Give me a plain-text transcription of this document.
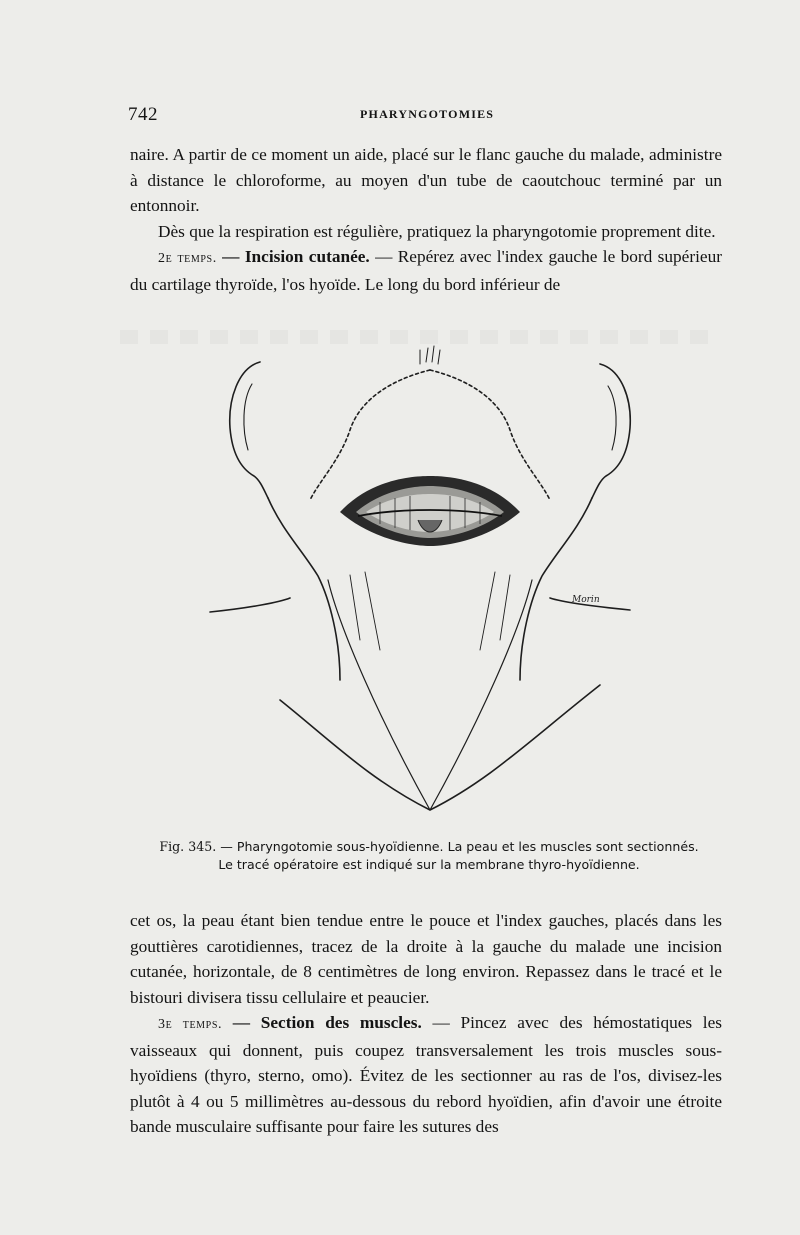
742	PHARYNGOTOMIES

naire. A partir de ce moment un aide, placé sur le flanc gauche du malade, administre à distance le chloroforme, au moyen d'un tube de caoutchouc terminé par un entonnoir.

Dès que la respiration est régulière, pratiquez la pharyngotomie proprement dite.

2e temps. — Incision cutanée. — Repérez avec l'index gauche le bord supérieur du cartilage thyroïde, l'os hyoïde. Le long du bord inférieur de

Morin
Fig. 345. — Pharyngotomie sous-hyoïdienne. La peau et les muscles sont sectionnés.
Le tracé opératoire est indiqué sur la membrane thyro-hyoïdienne.

cet os, la peau étant bien tendue entre le pouce et l'index gauches, placés dans les gouttières carotidiennes, tracez de la droite à la gauche du malade une incision cutanée, horizontale, de 8 centimètres de long environ. Repassez dans le tracé et le bistouri divisera tissu cellulaire et peaucier.

3e temps. — Section des muscles. — Pincez avec des hémostatiques les vaisseaux qui donnent, puis coupez transversalement les trois muscles sous-hyoïdiens (thyro, sterno, omo). Évitez de les sectionner au ras de l'os, divisez-les plutôt à 4 ou 5 millimètres au-dessous du rebord hyoïdien, afin d'avoir une étroite bande musculaire suffisante pour faire les sutures des
